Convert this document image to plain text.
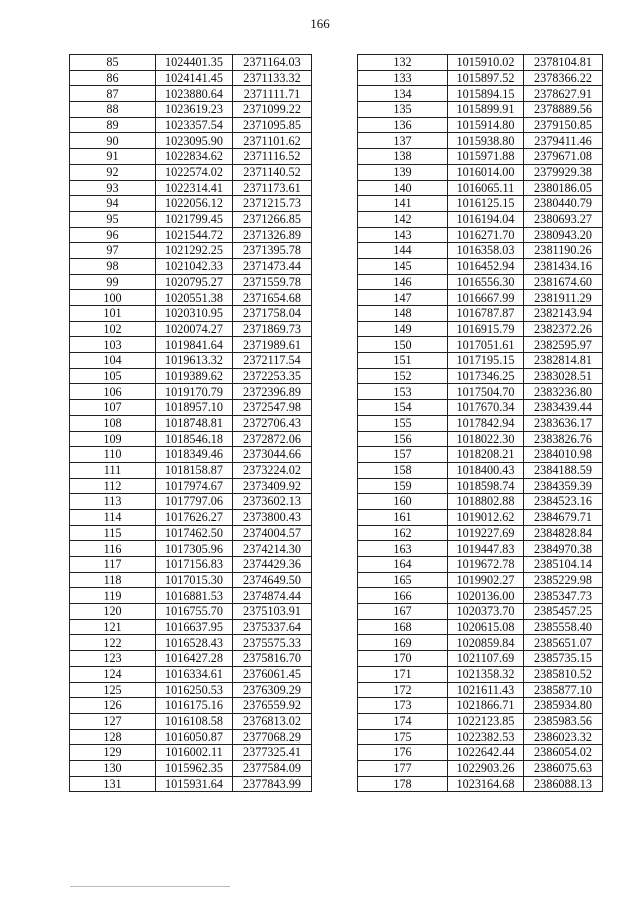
166
85	1024401.35	2371164.03
86	1024141.45	2371133.32
87	1023880.64	2371111.71
88	1023619.23	2371099.22
89	1023357.54	2371095.85
90	1023095.90	2371101.62
91	1022834.62	2371116.52
92	1022574.02	2371140.52
93	1022314.41	2371173.61
94	1022056.12	2371215.73
95	1021799.45	2371266.85
96	1021544.72	2371326.89
97	1021292.25	2371395.78
98	1021042.33	2371473.44
99	1020795.27	2371559.78
100	1020551.38	2371654.68
101	1020310.95	2371758.04
102	1020074.27	2371869.73
103	1019841.64	2371989.61
104	1019613.32	2372117.54
105	1019389.62	2372253.35
106	1019170.79	2372396.89
107	1018957.10	2372547.98
108	1018748.81	2372706.43
109	1018546.18	2372872.06
110	1018349.46	2373044.66
111	1018158.87	2373224.02
112	1017974.67	2373409.92
113	1017797.06	2373602.13
114	1017626.27	2373800.43
115	1017462.50	2374004.57
116	1017305.96	2374214.30
117	1017156.83	2374429.36
118	1017015.30	2374649.50
119	1016881.53	2374874.44
120	1016755.70	2375103.91
121	1016637.95	2375337.64
122	1016528.43	2375575.33
123	1016427.28	2375816.70
124	1016334.61	2376061.45
125	1016250.53	2376309.29
126	1016175.16	2376559.92
127	1016108.58	2376813.02
128	1016050.87	2377068.29
129	1016002.11	2377325.41
130	1015962.35	2377584.09
131	1015931.64	2377843.99
132	1015910.02	2378104.81
133	1015897.52	2378366.22
134	1015894.15	2378627.91
135	1015899.91	2378889.56
136	1015914.80	2379150.85
137	1015938.80	2379411.46
138	1015971.88	2379671.08
139	1016014.00	2379929.38
140	1016065.11	2380186.05
141	1016125.15	2380440.79
142	1016194.04	2380693.27
143	1016271.70	2380943.20
144	1016358.03	2381190.26
145	1016452.94	2381434.16
146	1016556.30	2381674.60
147	1016667.99	2381911.29
148	1016787.87	2382143.94
149	1016915.79	2382372.26
150	1017051.61	2382595.97
151	1017195.15	2382814.81
152	1017346.25	2383028.51
153	1017504.70	2383236.80
154	1017670.34	2383439.44
155	1017842.94	2383636.17
156	1018022.30	2383826.76
157	1018208.21	2384010.98
158	1018400.43	2384188.59
159	1018598.74	2384359.39
160	1018802.88	2384523.16
161	1019012.62	2384679.71
162	1019227.69	2384828.84
163	1019447.83	2384970.38
164	1019672.78	2385104.14
165	1019902.27	2385229.98
166	1020136.00	2385347.73
167	1020373.70	2385457.25
168	1020615.08	2385558.40
169	1020859.84	2385651.07
170	1021107.69	2385735.15
171	1021358.32	2385810.52
172	1021611.43	2385877.10
173	1021866.71	2385934.80
174	1022123.85	2385983.56
175	1022382.53	2386023.32
176	1022642.44	2386054.02
177	1022903.26	2386075.63
178	1023164.68	2386088.13
